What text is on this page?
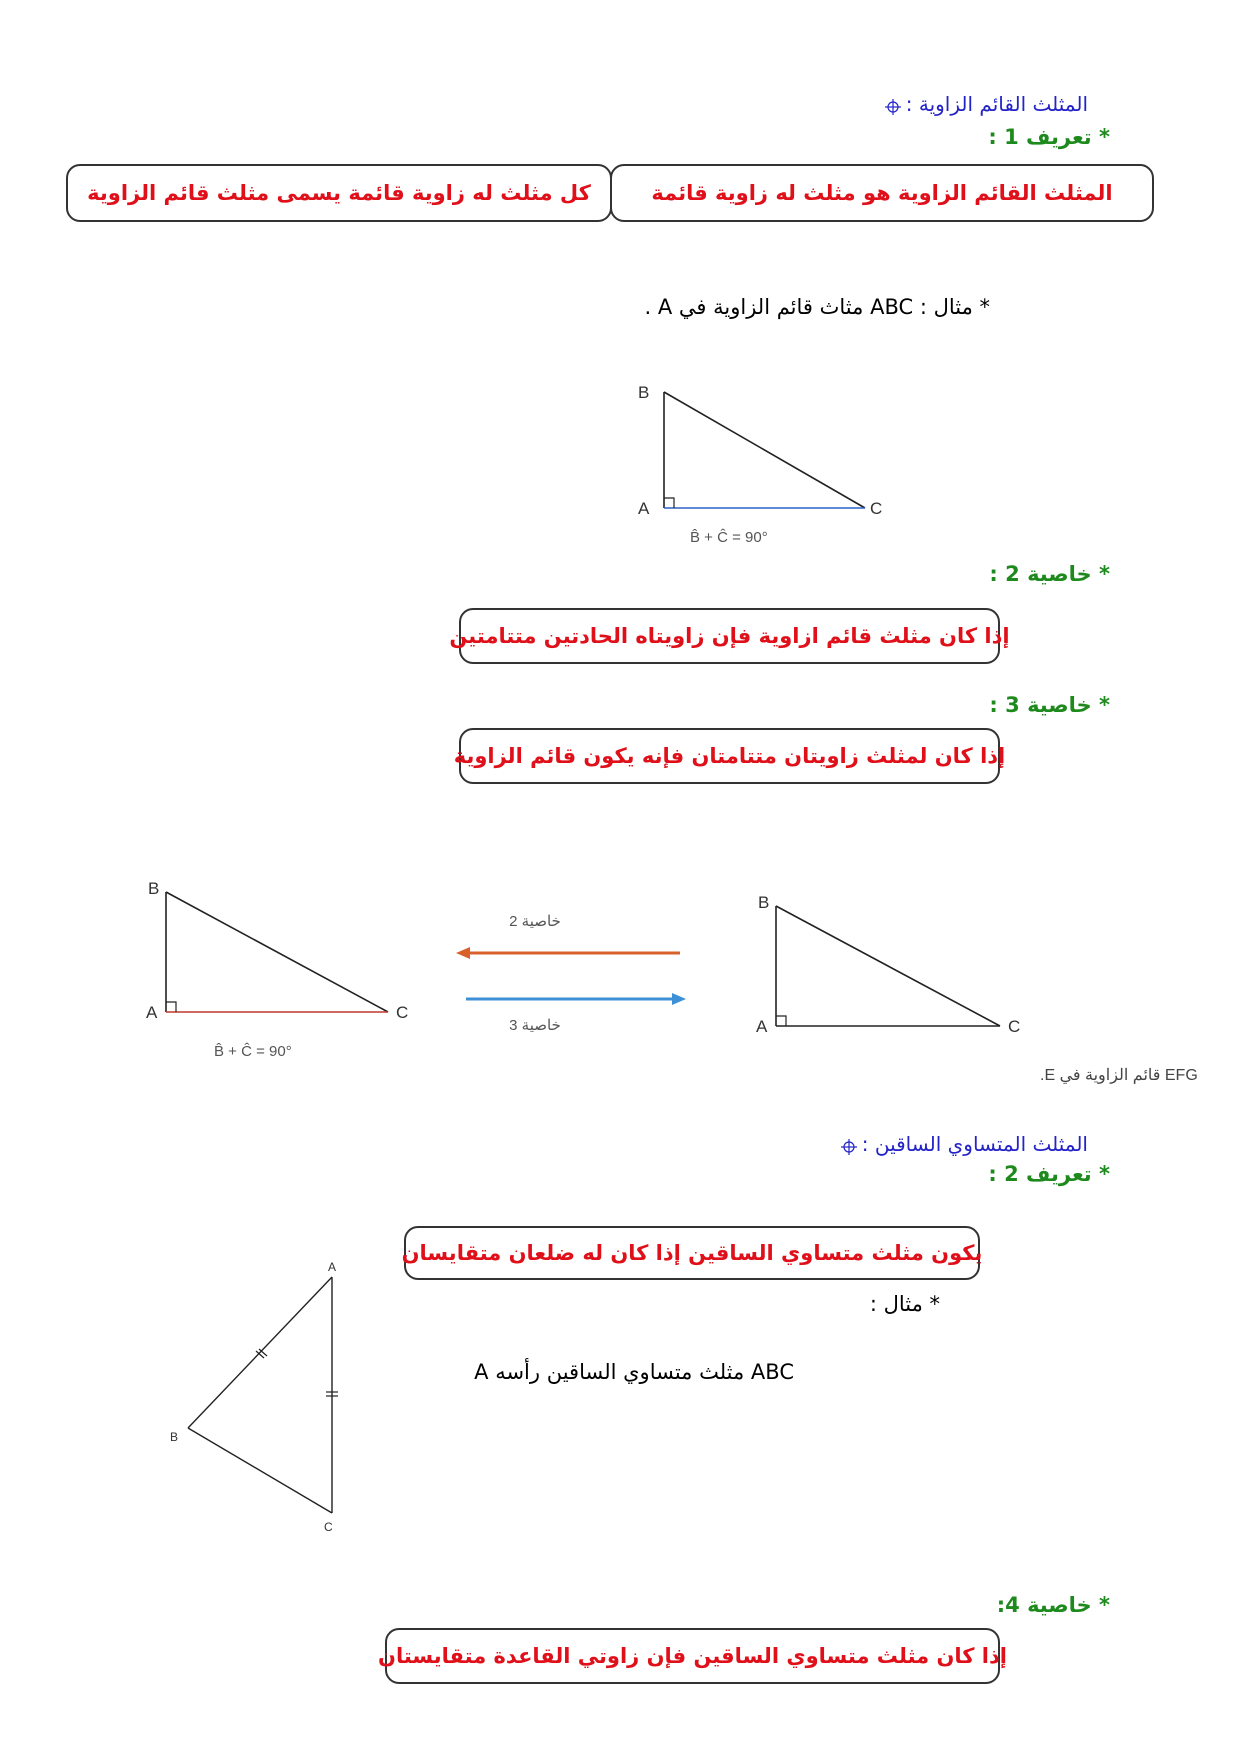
المثلث القائم الزاوية :
* تعريف 1 :
المثلث القائم الزاوية هو مثلث له زاوية قائمة
كل مثلث له زاوية قائمة يسمى مثلث قائم الزاوية
* مثال : ABC مثاث قائم الزاوية في A .
B
A	C
B̂ + Ĉ = 90°
* خاصية 2 :
إذا كان مثلث قائم ازاوية فإن زاويتاه الحادتين متتامتين
* خاصية 3 :
إذا كان لمثلث زاويتان متتامتان فإنه يكون قائم الزاوية
B
A	C
B̂ + Ĉ = 90°
خاصية 2
خاصية 3
B
A	C
EFG قائم الزاوية في E.
المثلث المتساوي الساقين :
* تعريف 2 :
يكون مثلث متساوي الساقين إذا كان له ضلعان متقايسان
* مثال :
ABC مثلث متساوي الساقين رأسه A
A
B
C
* خاصية 4:
إذا كان مثلث متساوي الساقين فإن زاوتي القاعدة متقايستان
